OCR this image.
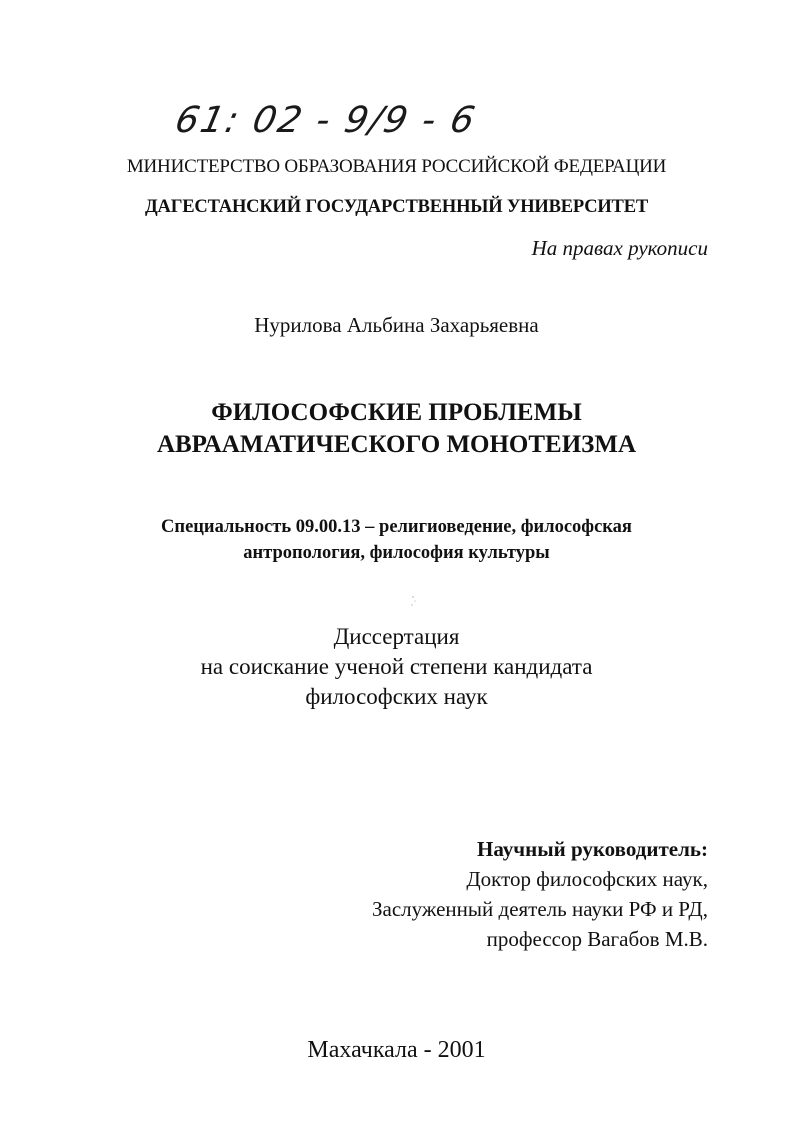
61: 02 - 9/9 - 6
МИНИСТЕРСТВО ОБРАЗОВАНИЯ РОССИЙСКОЙ ФЕДЕРАЦИИ
ДАГЕСТАНСКИЙ ГОСУДАРСТВЕННЫЙ УНИВЕРСИТЕТ
На правах рукописи
Нурилова Альбина Захарьяевна
ФИЛОСОФСКИЕ ПРОБЛЕМЫ
АВРААМАТИЧЕСКОГО МОНОТЕИЗМА
Специальность 09.00.13 – религиоведение, философская
антропология, философия культуры
Диссертация
на соискание ученой степени кандидата
философских наук
Научный руководитель:
Доктор философских наук,
Заслуженный деятель науки РФ и РД,
профессор Вагабов М.В.
Махачкала - 2001
